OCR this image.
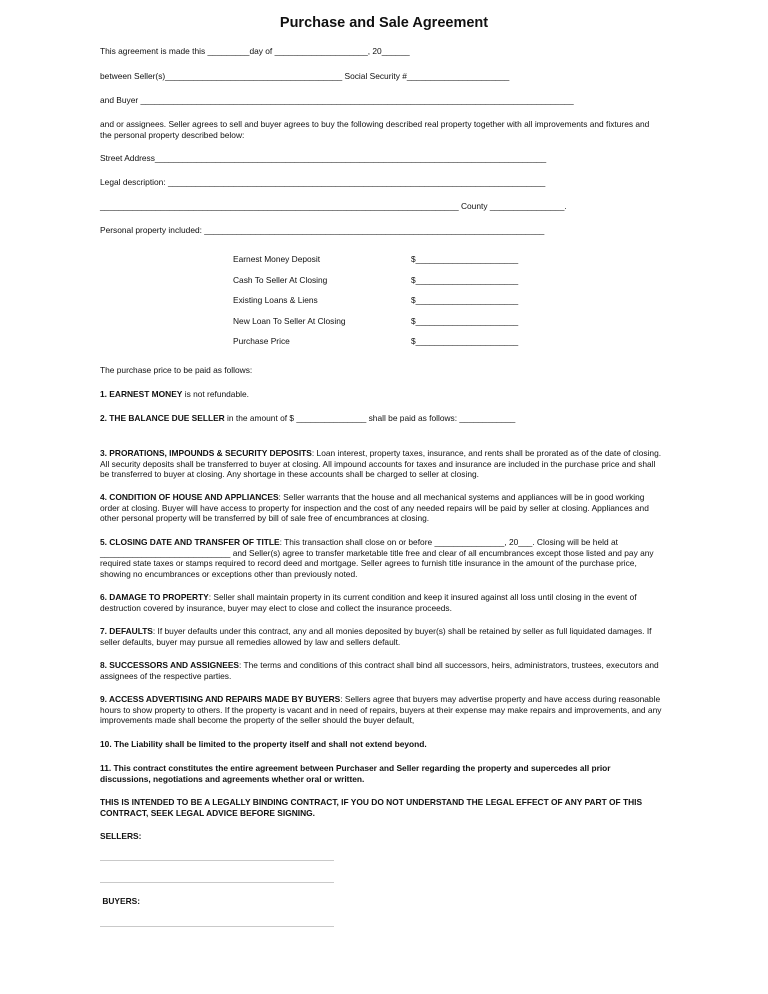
Purchase and Sale Agreement
This agreement is made this _________day of ____________________, 20______
between Seller(s)______________________________________ Social Security #______________________
and Buyer _____________________________________________________________________________________________
and or assignees. Seller agrees to sell and buyer agrees to buy the following described real property together with all improvements and fixtures and the personal property described below:
Street Address____________________________________________________________________________________
Legal description: _________________________________________________________________________________
_____________________________________________________________________________ County ________________.
Personal property included: _________________________________________________________________________
Earnest Money Deposit	$______________________
Cash To Seller At Closing	$______________________
Existing Loans & Liens	$______________________
New Loan To Seller At Closing	$______________________
Purchase Price	$______________________
The purchase price to be paid as follows:
1. EARNEST MONEY is not refundable.
2. THE BALANCE DUE SELLER in the amount of $ _______________ shall be paid as follows: ____________
3. PRORATIONS, IMPOUNDS & SECURITY DEPOSITS: Loan interest, property taxes, insurance, and rents shall be prorated as of the date of closing. All security deposits shall be transferred to buyer at closing. All impound accounts for taxes and insurance are included in the purchase price and shall be transferred to buyer at closing. Any shortage in these accounts shall be charged to seller at closing.
4. CONDITION OF HOUSE AND APPLIANCES: Seller warrants that the house and all mechanical systems and appliances will be in good working order at closing. Buyer will have access to property for inspection and the cost of any needed repairs will be paid by seller at closing. Appliances and other personal property will be transferred by bill of sale free of encumbrances at closing.
5. CLOSING DATE AND TRANSFER OF TITLE: This transaction shall close on or before _______________, 20___. Closing will be held at ____________________________ and Seller(s) agree to transfer marketable title free and clear of all encumbrances except those listed and pay any required state taxes or stamps required to record deed and mortgage. Seller agrees to furnish title insurance in the amount of the purchase price, showing no encumbrances or exceptions other than previously noted.
6. DAMAGE TO PROPERTY: Seller shall maintain property in its current condition and keep it insured against all loss until closing in the event of destruction covered by insurance, buyer may elect to close and collect the insurance proceeds.
7. DEFAULTS: If buyer defaults under this contract, any and all monies deposited by buyer(s) shall be retained by seller as full liquidated damages. If seller defaults, buyer may pursue all remedies allowed by law and sellers default.
8. SUCCESSORS AND ASSIGNEES: The terms and conditions of this contract shall bind all successors, heirs, administrators, trustees, executors and assignees of the respective parties.
9. ACCESS ADVERTISING AND REPAIRS MADE BY BUYERS: Sellers agree that buyers may advertise property and have access during reasonable hours to show property to others. If the property is vacant and in need of repairs, buyers at their expense may make repairs and improvements, and any improvements made shall become the property of the seller should the buyer default,
10. The Liability shall be limited to the property itself and shall not extend beyond.
11. This contract constitutes the entire agreement between Purchaser and Seller regarding the property and supercedes all prior discussions, negotiations and agreements whether oral or written.
THIS IS INTENDED TO BE A LEGALLY BINDING CONTRACT, IF YOU DO NOT UNDERSTAND THE LEGAL EFFECT OF ANY PART OF THIS CONTRACT, SEEK LEGAL ADVICE BEFORE SIGNING.
SELLERS:
BUYERS:
